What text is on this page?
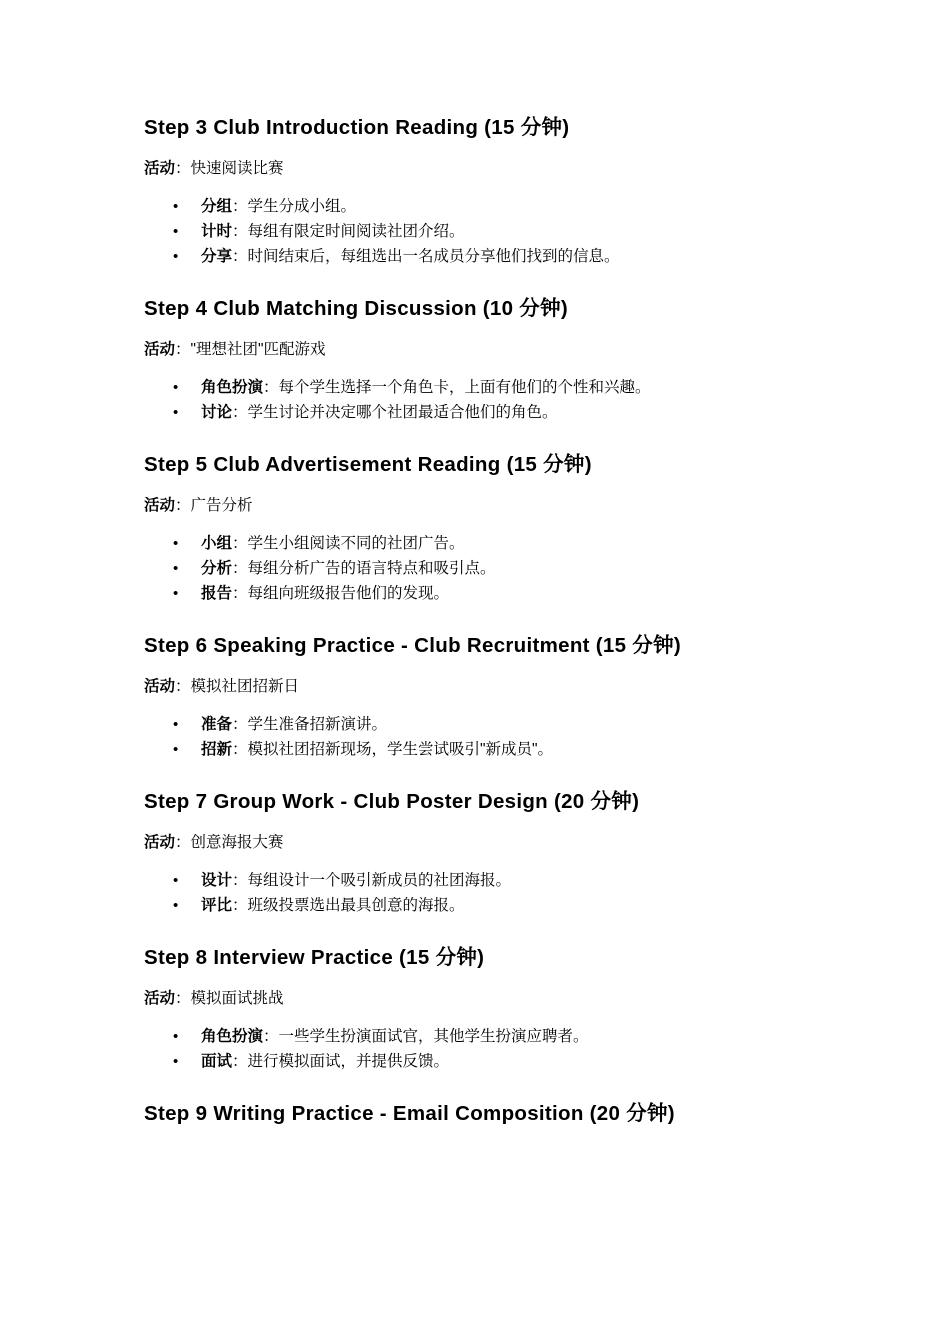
Step 3 Club Introduction Reading (15 分钟)

活动：快速阅读比赛

• 分组：学生分成小组。
• 计时：每组有限定时间阅读社团介绍。
• 分享：时间结束后，每组选出一名成员分享他们找到的信息。
Step 4 Club Matching Discussion (10 分钟)

活动："理想社团"匹配游戏

• 角色扮演：每个学生选择一个角色卡，上面有他们的个性和兴趣。
• 讨论：学生讨论并决定哪个社团最适合他们的角色。
Step 5 Club Advertisement Reading (15 分钟)

活动：广告分析

• 小组：学生小组阅读不同的社团广告。
• 分析：每组分析广告的语言特点和吸引点。
• 报告：每组向班级报告他们的发现。
Step 6 Speaking Practice - Club Recruitment (15 分钟)

活动：模拟社团招新日

• 准备：学生准备招新演讲。
• 招新：模拟社团招新现场，学生尝试吸引"新成员"。
Step 7 Group Work - Club Poster Design (20 分钟)

活动：创意海报大赛

• 设计：每组设计一个吸引新成员的社团海报。
• 评比：班级投票选出最具创意的海报。
Step 8 Interview Practice (15 分钟)

活动：模拟面试挑战

• 角色扮演：一些学生扮演面试官，其他学生扮演应聘者。
• 面试：进行模拟面试，并提供反馈。
Step 9 Writing Practice - Email Composition (20 分钟)
